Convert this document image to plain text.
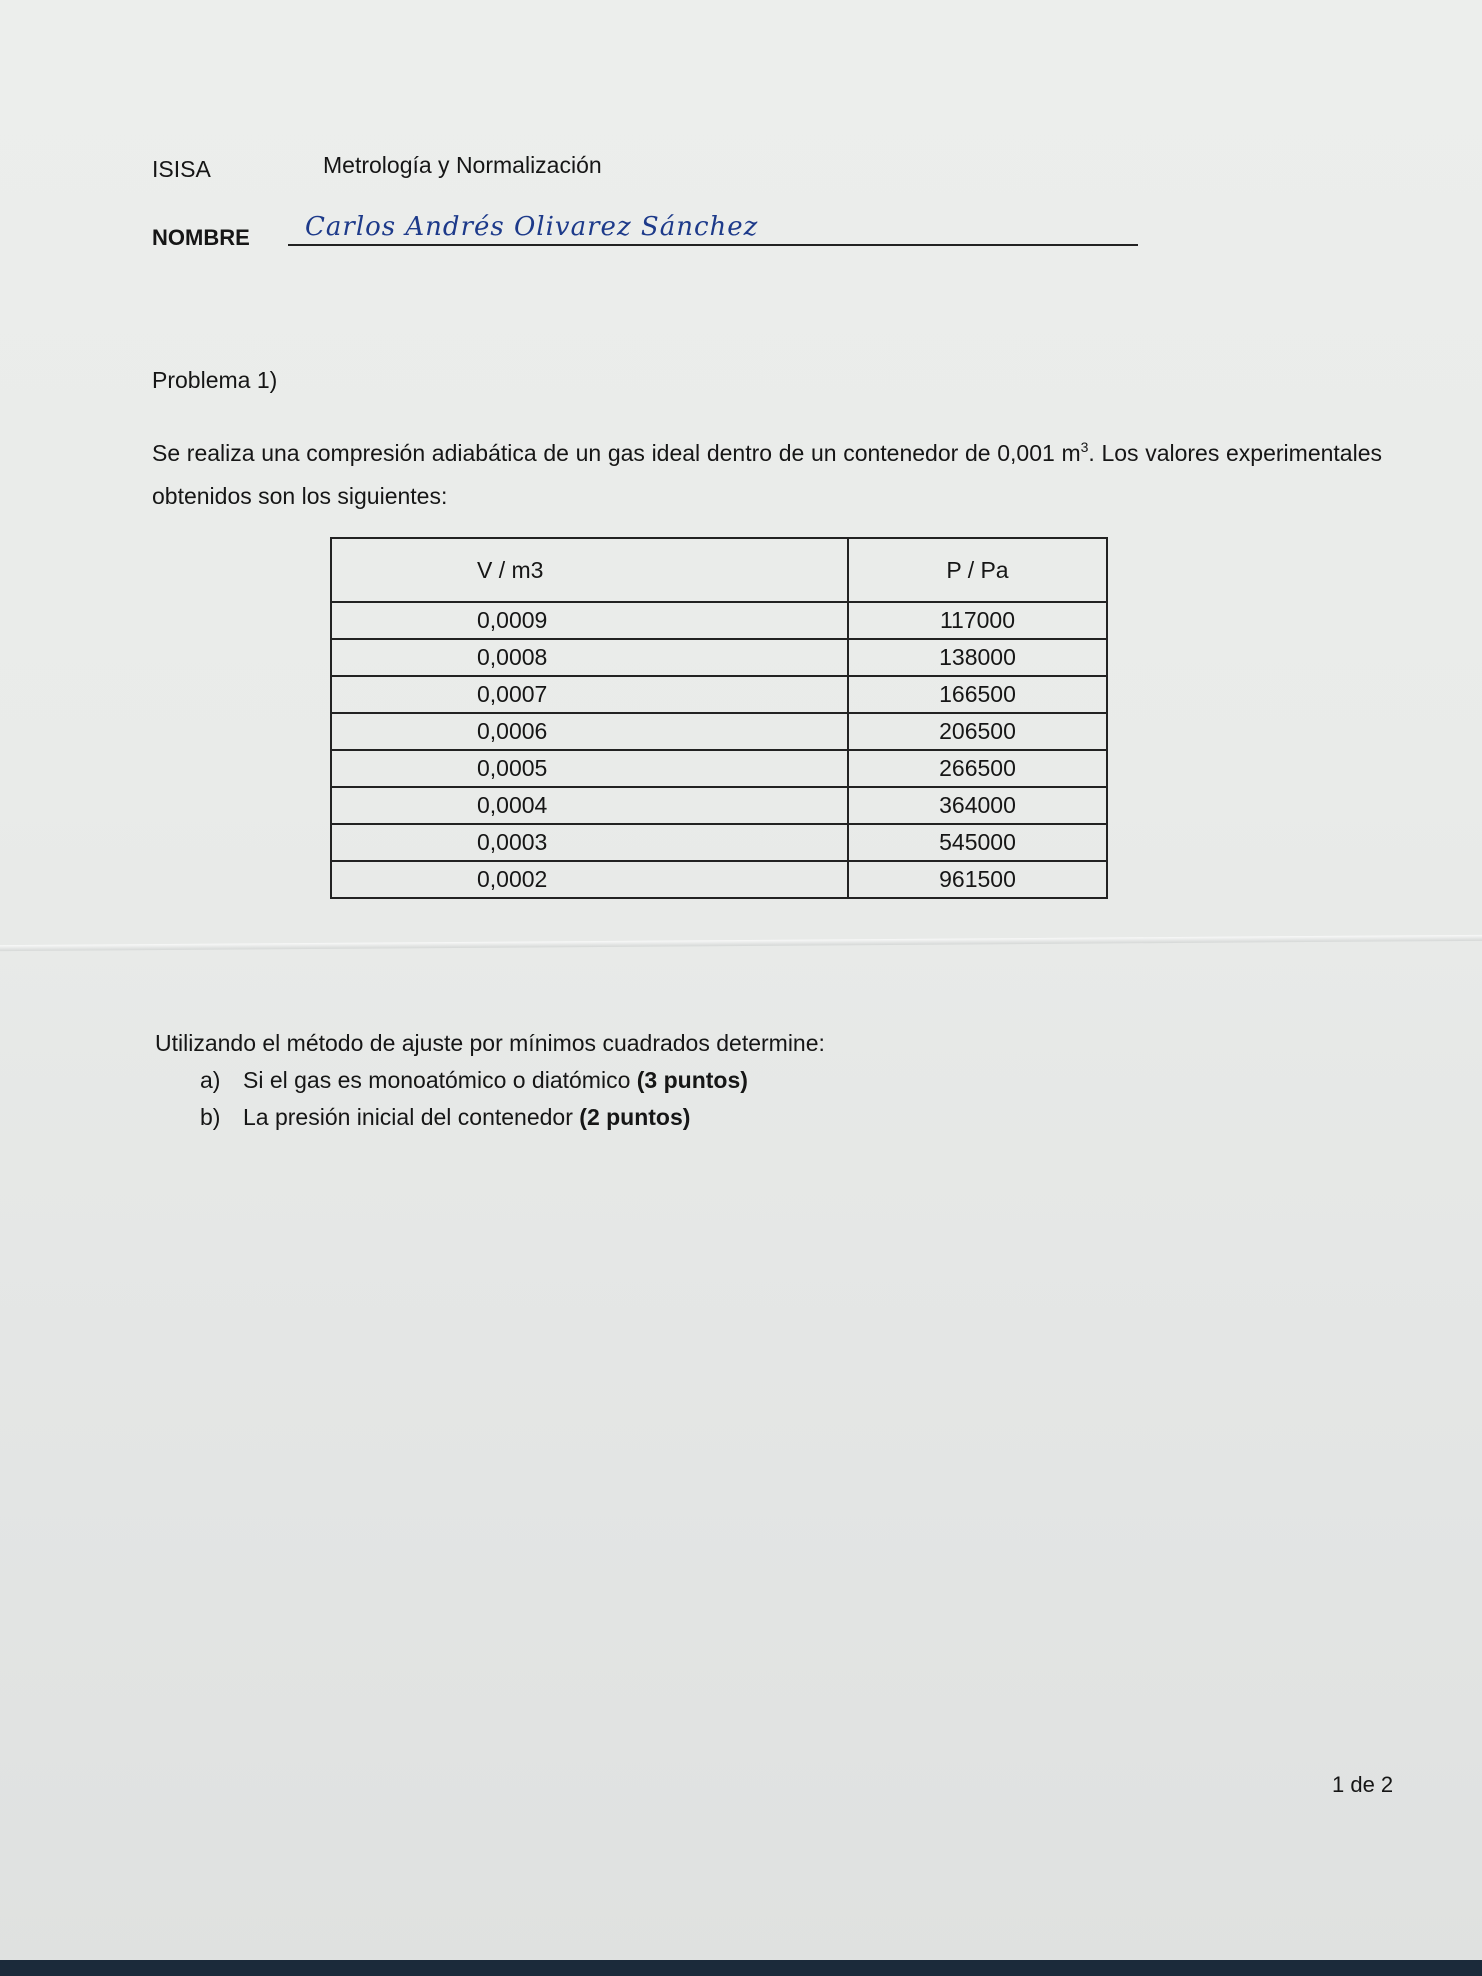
ISISA	Metrología y Normalización
NOMBRE Carlos Andrés Olivarez Sánchez
Problema 1)
Se realiza una compresión adiabática de un gas ideal dentro de un contenedor de 0,001 $m^3$. Los valores experimentales obtenidos son los siguientes:
V / m3	P / Pa
0,0009	117000
0,0008	138000
0,0007	166500
0,0006	206500
0,0005	266500
0,0004	364000
0,0003	545000
0,0002	961500
Utilizando el método de ajuste por mínimos cuadrados determine:
a) Si el gas es monoatómico o diatómico (3 puntos)
b) La presión inicial del contenedor (2 puntos)
1 de 2
